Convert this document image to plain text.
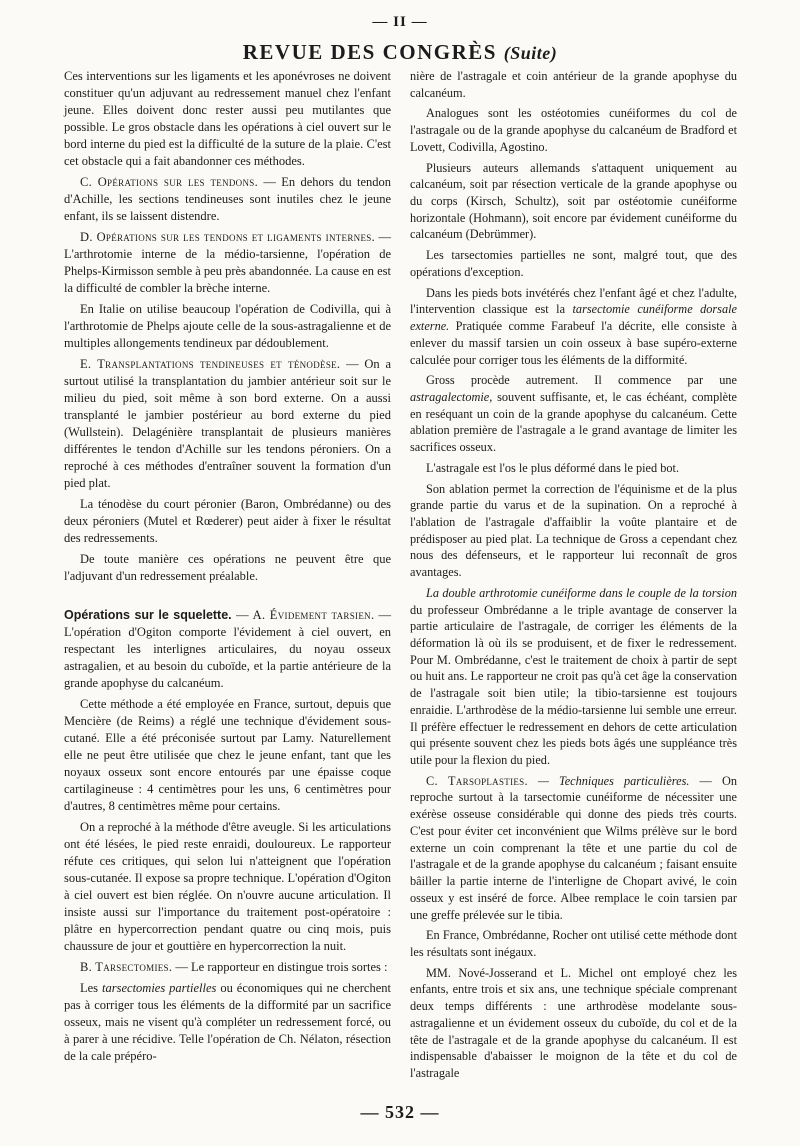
— II —
REVUE DES CONGRÈS (Suite)

Ces interventions sur les ligaments et les aponévroses ne doivent constituer qu'un adjuvant au redressement manuel chez l'enfant jeune. Elles doivent donc rester aussi peu mutilantes que possible. Le gros obstacle dans les opérations à ciel ouvert sur le bord interne du pied est la difficulté de la suture de la plaie. C'est cet obstacle qui a fait abandonner ces méthodes.

C. Opérations sur les tendons. — En dehors du tendon d'Achille, les sections tendineuses sont inutiles chez le jeune enfant, ils se laissent distendre.

D. Opérations sur les tendons et ligaments internes. — L'arthrotomie interne de la médio-tarsienne, l'opération de Phelps-Kirmisson semble à peu près abandonnée. La cause en est la difficulté de combler la brèche interne.

En Italie on utilise beaucoup l'opération de Codivilla, qui à l'arthrotomie de Phelps ajoute celle de la sous-astragalienne et de multiples allongements tendineux par dédoublement.

E. Transplantations tendineuses et ténodèse. — On a surtout utilisé la transplantation du jambier antérieur soit sur le milieu du pied, soit même à son bord externe. On a aussi transplanté le jambier postérieur au bord externe du pied (Wullstein). Delagénière transplantait de plusieurs manières différentes le tendon d'Achille sur les tendons péroniers. On a reproché à ces méthodes d'entraîner souvent la formation d'un pied plat.

La ténodèse du court péronier (Baron, Ombrédanne) ou des deux péroniers (Mutel et Rœderer) peut aider à fixer le résultat des redressements.

De toute manière ces opérations ne peuvent être que l'adjuvant d'un redressement préalable.

Opérations sur le squelette. — A. Évidement tarsien. — L'opération d'Ogiton comporte l'évidement à ciel ouvert, en respectant les interlignes articulaires, du noyau osseux astragalien, et au besoin du cuboïde, et la partie antérieure de la grande apophyse du calcanéum.

Cette méthode a été employée en France, surtout, depuis que Mencière (de Reims) a réglé une technique d'évidement sous-cutané. Elle a été préconisée surtout par Lamy. Naturellement elle ne peut être utilisée que chez le jeune enfant, tant que les noyaux osseux sont encore entourés par une épaisse coque cartilagineuse : 4 centimètres pour les uns, 6 centimètres pour d'autres, 8 centimètres même pour certains.

On a reproché à la méthode d'être aveugle. Si les articulations ont été lésées, le pied reste enraidi, douloureux. Le rapporteur réfute ces critiques, qui selon lui n'atteignent que l'opération sous-cutanée. Il expose sa propre technique. L'opération d'Ogiton à ciel ouvert est bien réglée. On n'ouvre aucune articulation. Il insiste aussi sur l'importance du traitement post-opératoire : plâtre en hypercorrection pendant quatre ou cinq mois, puis chaussure de jour et gouttière en hypercorrection la nuit.

B. Tarsectomies. — Le rapporteur en distingue trois sortes :

Les tarsectomies partielles ou économiques qui ne cherchent pas à corriger tous les éléments de la difformité par un sacrifice osseux, mais ne visent qu'à compléter un redressement forcé, ou à parer à une récidive. Telle l'opération de Ch. Nélaton, résection de la cale prépéro-

nière de l'astragale et coin antérieur de la grande apophyse du calcanéum.

Analogues sont les ostéotomies cunéiformes du col de l'astragale ou de la grande apophyse du calcanéum de Bradford et Lovett, Codivilla, Agostino.

Plusieurs auteurs allemands s'attaquent uniquement au calcanéum, soit par résection verticale de la grande apophyse ou du corps (Kirsch, Schultz), soit par ostéotomie cunéiforme horizontale (Hohmann), soit encore par évidement cunéiforme du calcanéum (Debrümmer).

Les tarsectomies partielles ne sont, malgré tout, que des opérations d'exception.

Dans les pieds bots invétérés chez l'enfant âgé et chez l'adulte, l'intervention classique est la tarsectomie cunéiforme dorsale externe. Pratiquée comme Farabeuf l'a décrite, elle consiste à enlever du massif tarsien un coin osseux à base supéro-externe calculée pour corriger tous les éléments de la difformité.

Gross procède autrement. Il commence par une astragalectomie, souvent suffisante, et, le cas échéant, complète en reséquant un coin de la grande apophyse du calcanéum. Cette ablation première de l'astragale a le grand avantage de limiter les sacrifices osseux.

L'astragale est l'os le plus déformé dans le pied bot.

Son ablation permet la correction de l'équinisme et de la plus grande partie du varus et de la supination. On a reproché à l'ablation de l'astragale d'affaiblir la voûte plantaire et de prédisposer au pied plat. La technique de Gross a cependant chez nous des défenseurs, et le rapporteur lui reconnaît de gros avantages.

La double arthrotomie cunéiforme dans le couple de la torsion du professeur Ombrédanne a le triple avantage de conserver la partie articulaire de l'astragale, de corriger les éléments de la déformation là où ils se produisent, et de fixer le redressement. Pour M. Ombrédanne, c'est le traitement de choix à partir de sept ou huit ans. Le rapporteur ne croit pas qu'à cet âge la conservation de l'astragale soit bien utile; la tibio-tarsienne est toujours enraidie. L'arthrodèse de la médio-tarsienne lui semble une erreur. Il préfère effectuer le redressement en dehors de cette articulation qui présente souvent chez les pieds bots âgés une suppléance très utile pour la flexion du pied.

C. Tarsoplasties. — Techniques particulières. — On reproche surtout à la tarsectomie cunéiforme de nécessiter une exérèse osseuse considérable qui donne des pieds très courts. C'est pour éviter cet inconvénient que Wilms prélève sur le bord externe un coin comprenant la tête et une partie du col de l'astragale et de la grande apophyse du calcanéum ; faisant ensuite bâiller la partie interne de l'interligne de Chopart avivé, le coin osseux y est inséré de force. Albee remplace le coin tarsien par une greffe prélevée sur le tibia.

En France, Ombrédanne, Rocher ont utilisé cette méthode dont les résultats sont inégaux.

MM. Nové-Josserand et L. Michel ont employé chez les enfants, entre trois et six ans, une technique spéciale comprenant deux temps différents : une arthrodèse modelante sous-astragalienne et un évidement osseux du cuboïde, du col et de la tête de l'astragale et de la grande apophyse du calcanéum. Il est indispensable d'abaisser le moignon de la tête et du col de l'astragale

— 532 —
